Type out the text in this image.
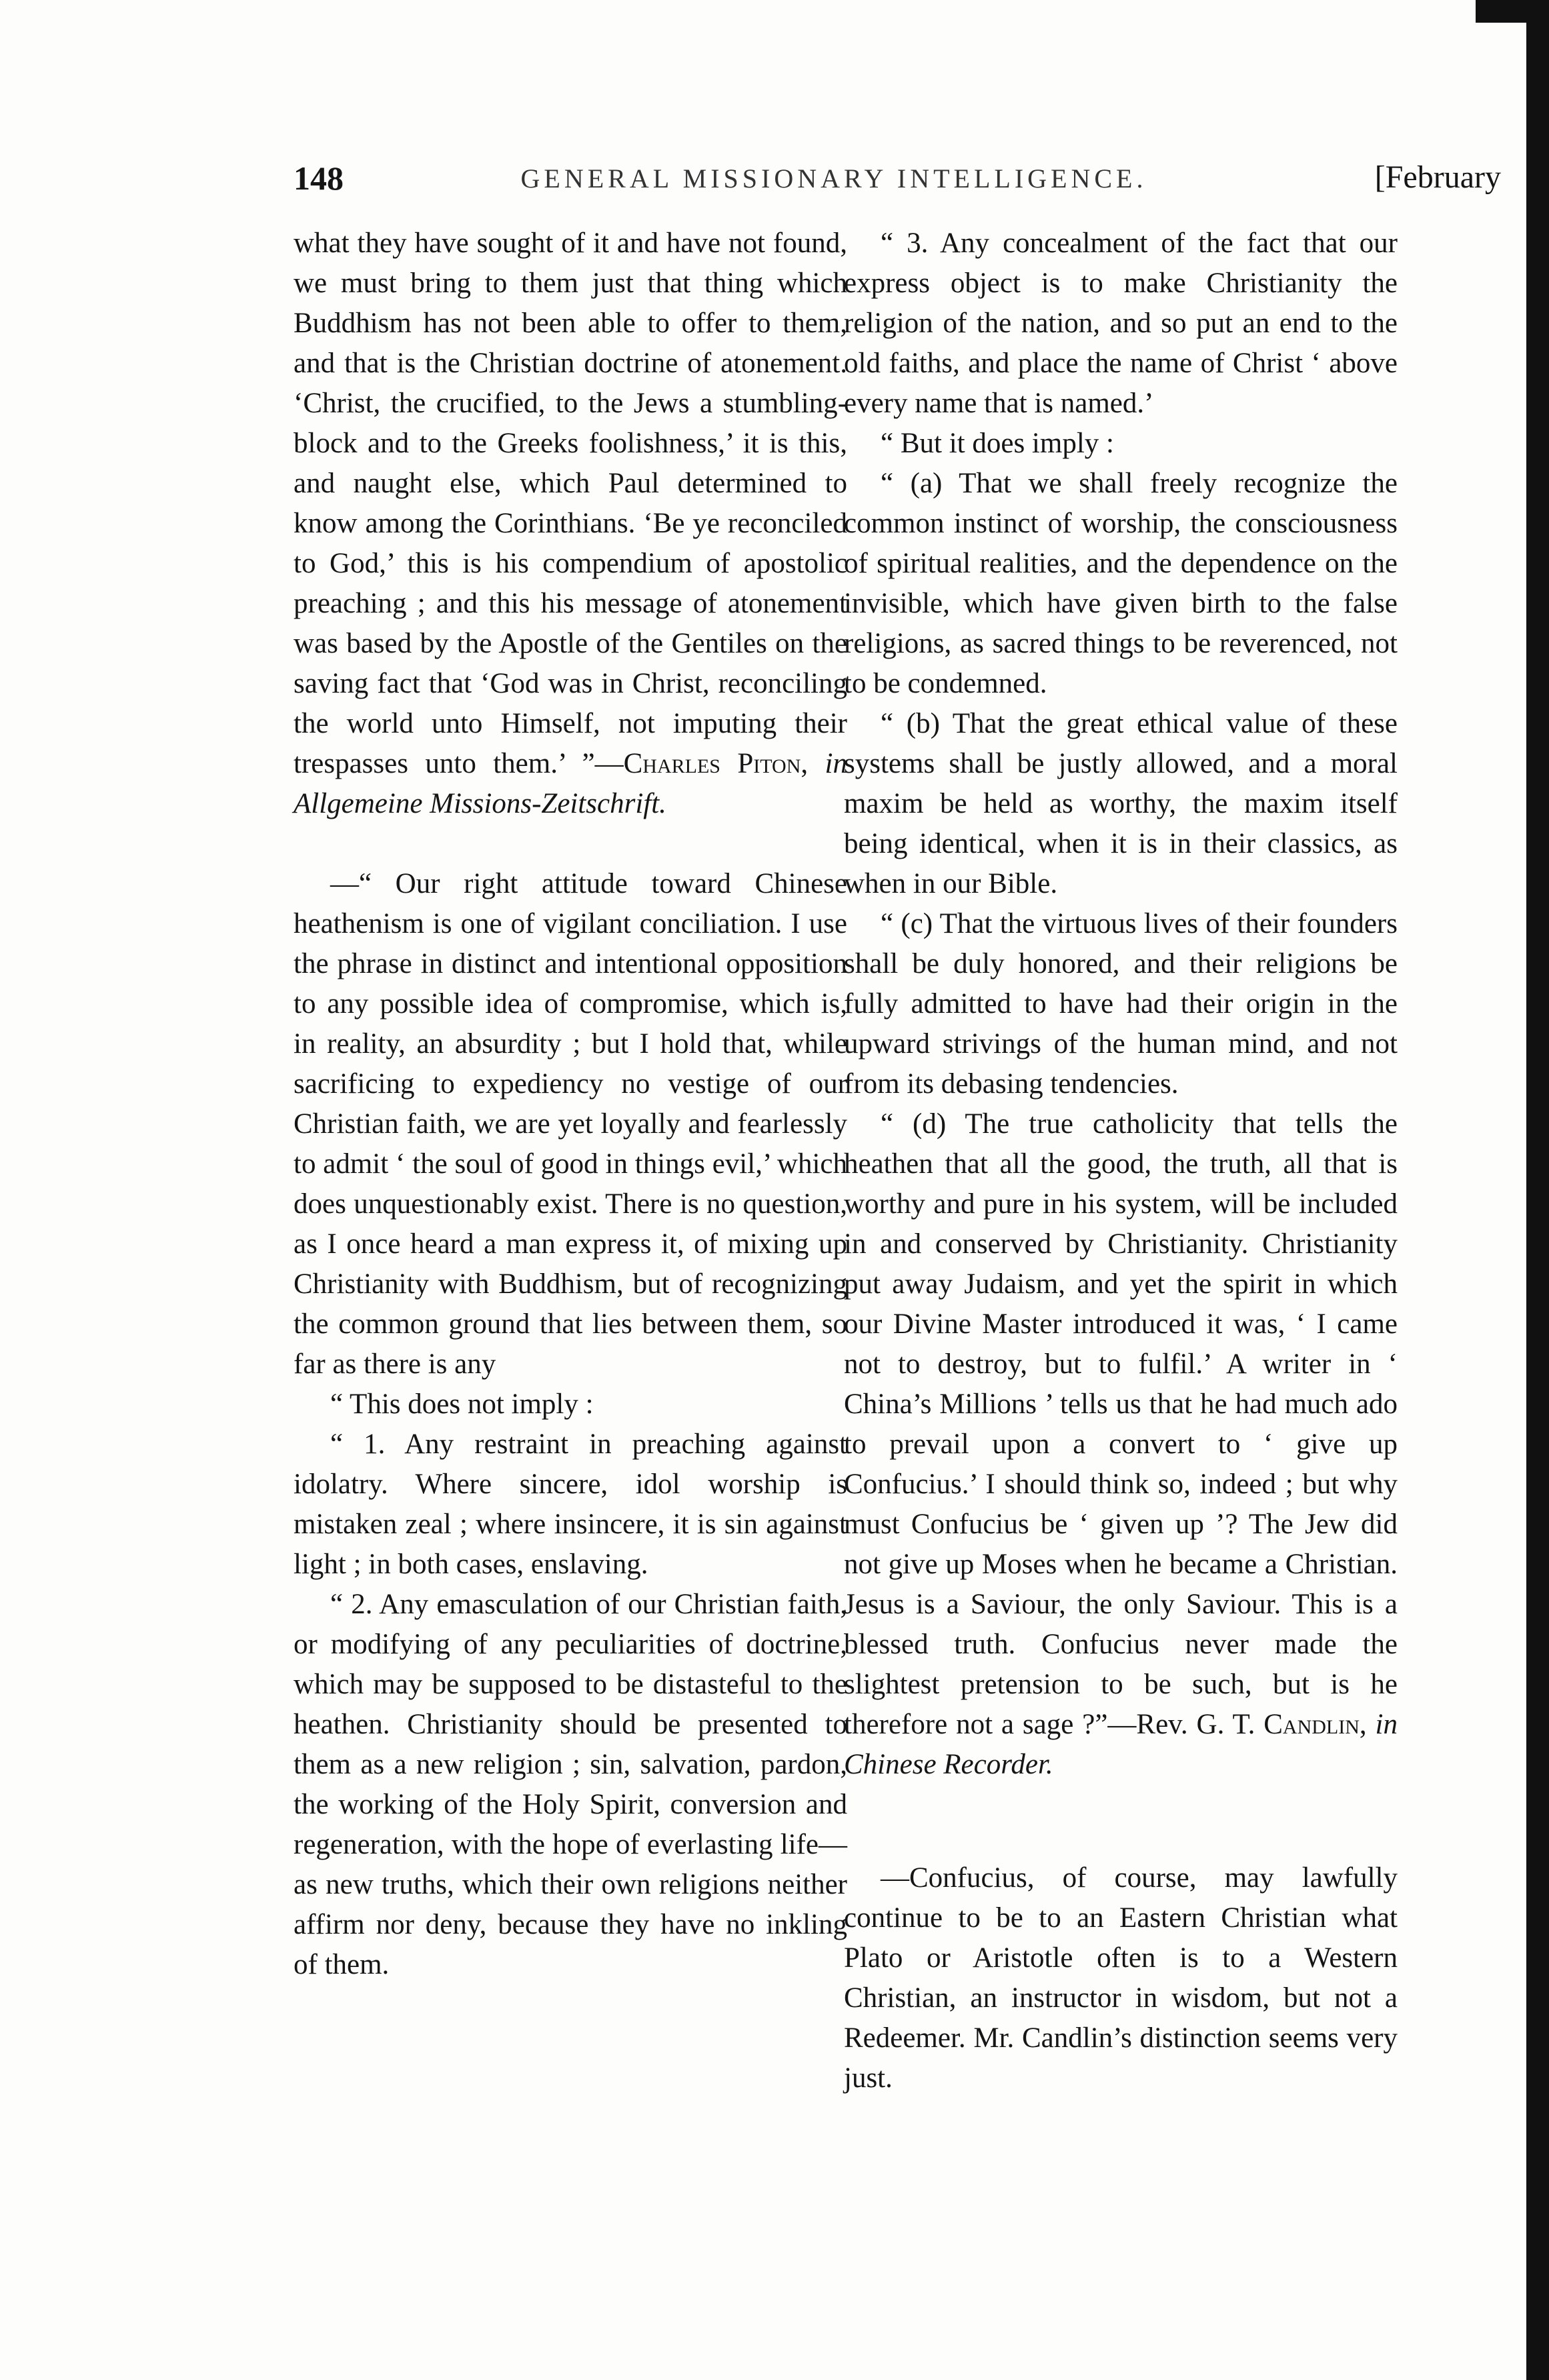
148	GENERAL MISSIONARY INTELLIGENCE.	[February

what they have sought of it and have not found, we must bring to them just that thing which Buddhism has not been able to offer to them, and that is the Christian doctrine of atonement. ‘Christ, the crucified, to the Jews a stumbling-block and to the Greeks foolishness,’ it is this, and naught else, which Paul determined to know among the Corinthians. ‘Be ye reconciled to God,’ this is his compendium of apostolic preaching ; and this his message of atonement was based by the Apostle of the Gentiles on the saving fact that ‘God was in Christ, reconciling the world unto Himself, not imputing their trespasses unto them.’ ”—Charles Piton, in Allgemeine Missions-Zeitschrift.

—“ Our right attitude toward Chinese heathenism is one of vigilant conciliation. I use the phrase in distinct and intentional opposition to any possible idea of compromise, which is, in reality, an absurdity ; but I hold that, while sacrificing to expediency no vestige of our Christian faith, we are yet loyally and fearlessly to admit ‘ the soul of good in things evil,’ which does unquestionably exist. There is no question, as I once heard a man express it, of mixing up Christianity with Buddhism, but of recognizing the common ground that lies between them, so far as there is any

“ This does not imply :

“ 1. Any restraint in preaching against idolatry. Where sincere, idol worship is mistaken zeal ; where insincere, it is sin against light ; in both cases, enslaving.

“ 2. Any emasculation of our Christian faith, or modifying of any peculiarities of doctrine, which may be supposed to be distasteful to the heathen. Christianity should be presented to them as a new religion ; sin, salvation, pardon, the working of the Holy Spirit, conversion and regeneration, with the hope of everlasting life—as new truths, which their own religions neither affirm nor deny, because they have no inkling of them.

“ 3. Any concealment of the fact that our express object is to make Christianity the religion of the nation, and so put an end to the old faiths, and place the name of Christ ‘ above every name that is named.’

“ But it does imply :

“ (a) That we shall freely recognize the common instinct of worship, the consciousness of spiritual realities, and the dependence on the invisible, which have given birth to the false religions, as sacred things to be reverenced, not to be condemned.

“ (b) That the great ethical value of these systems shall be justly allowed, and a moral maxim be held as worthy, the maxim itself being identical, when it is in their classics, as when in our Bible.

“ (c) That the virtuous lives of their founders shall be duly honored, and their religions be fully admitted to have had their origin in the upward strivings of the human mind, and not from its debasing tendencies.

“ (d) The true catholicity that tells the heathen that all the good, the truth, all that is worthy and pure in his system, will be included in and conserved by Christianity. Christianity put away Judaism, and yet the spirit in which our Divine Master introduced it was, ‘ I came not to destroy, but to fulfil.’ A writer in ‘ China’s Millions ’ tells us that he had much ado to prevail upon a convert to ‘ give up Confucius.’ I should think so, indeed ; but why must Confucius be ‘ given up ’? The Jew did not give up Moses when he became a Christian. Jesus is a Saviour, the only Saviour. This is a blessed truth. Confucius never made the slightest pretension to be such, but is he therefore not a sage ?”—Rev. G. T. Candlin, in Chinese Recorder.

—Confucius, of course, may lawfully continue to be to an Eastern Christian what Plato or Aristotle often is to a Western Christian, an instructor in wisdom, but not a Redeemer. Mr. Candlin’s distinction seems very just.
